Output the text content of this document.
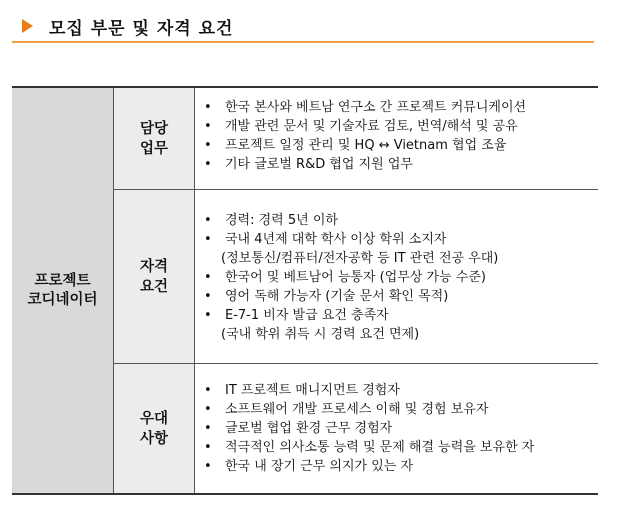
모집 부문 및 자격 요건
프로젝트
코디네이터
담당
업무
• 한국 본사와 베트남 연구소 간 프로젝트 커뮤니케이션
• 개발 관련 문서 및 기술자료 검토, 번역/해석 및 공유
• 프로젝트 일정 관리 및 HQ ↔ Vietnam 협업 조율
• 기타 글로벌 R&D 협업 지원 업무
자격
요건
• 경력: 경력 5년 이하
• 국내 4년제 대학 학사 이상 학위 소지자
(정보통신/컴퓨터/전자공학 등 IT 관련 전공 우대)
• 한국어 및 베트남어 능통자 (업무상 가능 수준)
• 영어 독해 가능자 (기술 문서 확인 목적)
• E-7-1 비자 발급 요건 충족자
(국내 학위 취득 시 경력 요건 면제)
우대
사항
• IT 프로젝트 매니지먼트 경험자
• 소프트웨어 개발 프로세스 이해 및 경험 보유자
• 글로벌 협업 환경 근무 경험자
• 적극적인 의사소통 능력 및 문제 해결 능력을 보유한 자
• 한국 내 장기 근무 의지가 있는 자
